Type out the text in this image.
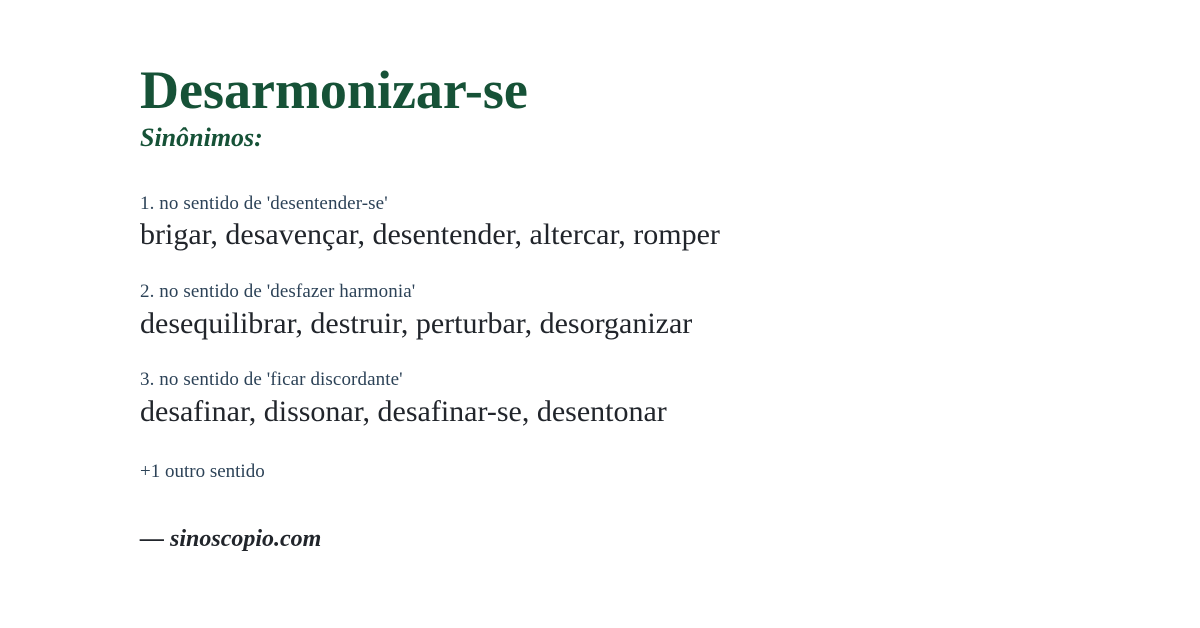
Desarmonizar-se
Sinônimos:
1. no sentido de 'desentender-se'
brigar, desavençar, desentender, altercar, romper
2. no sentido de 'desfazer harmonia'
desequilibrar, destruir, perturbar, desorganizar
3. no sentido de 'ficar discordante'
desafinar, dissonar, desafinar-se, desentonar
+1 outro sentido
— sinoscopio.com
